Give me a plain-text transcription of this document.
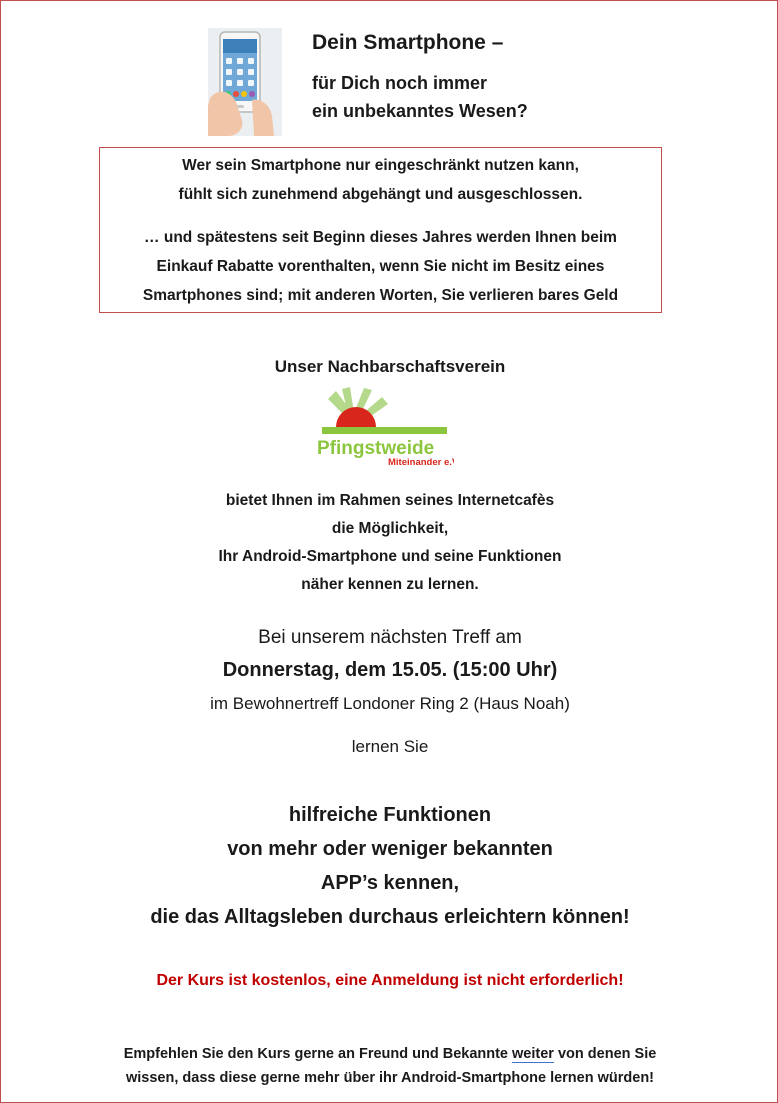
Dein Smartphone –
für Dich noch immer
ein unbekanntes Wesen?

Wer sein Smartphone nur eingeschränkt nutzen kann,

fühlt sich zunehmend abgehängt und ausgeschlossen.

… und spätestens seit Beginn dieses Jahres werden Ihnen beim

Einkauf Rabatte vorenthalten, wenn Sie nicht im Besitz eines

Smartphones sind; mit anderen Worten, Sie verlieren bares Geld

Unser Nachbarschaftsverein
Pfingstweide
Miteinander e.V.
bietet Ihnen im Rahmen seines Internetcafès
die Möglichkeit,
Ihr Android-Smartphone und seine Funktionen
näher kennen zu lernen.
Bei unserem nächsten Treff am
Donnerstag, dem 15.05. (15:00 Uhr)
im Bewohnertreff Londoner Ring 2 (Haus Noah)
lernen Sie
hilfreiche Funktionen
von mehr oder weniger bekannten
APP’s kennen,
die das Alltagsleben durchaus erleichtern können!
Der Kurs ist kostenlos, eine Anmeldung ist nicht erforderlich!
Empfehlen Sie den Kurs gerne an Freund und Bekannte weiter von denen Sie
wissen, dass diese gerne mehr über ihr Android-Smartphone lernen würden!
